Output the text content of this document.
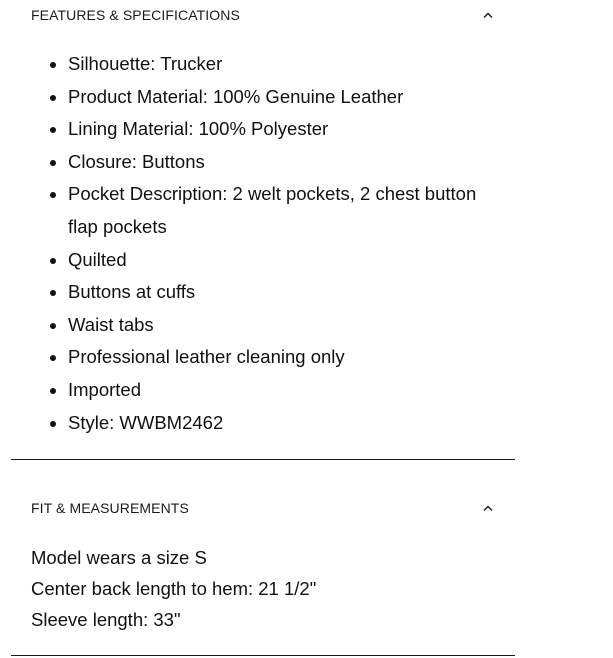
FEATURES & SPECIFICATIONS
• Silhouette: Trucker
• Product Material: 100% Genuine Leather
• Lining Material: 100% Polyester
• Closure: Buttons
• Pocket Description: 2 welt pockets, 2 chest button flap pockets
• Quilted
• Buttons at cuffs
• Waist tabs
• Professional leather cleaning only
• Imported
• Style: WWBM2462
FIT & MEASUREMENTS
Model wears a size S
Center back length to hem: 21 1/2"
Sleeve length: 33"
